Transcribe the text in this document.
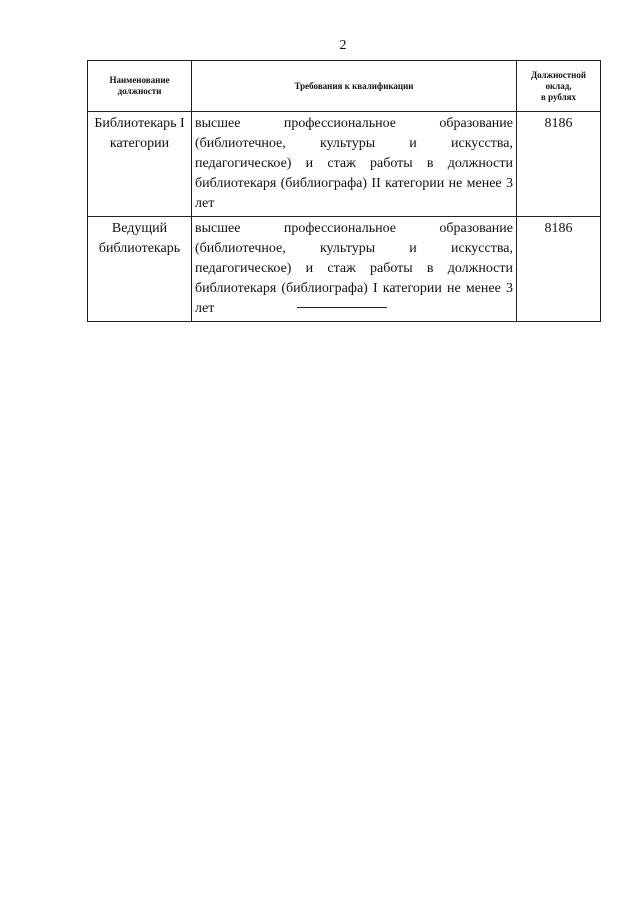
2
Наименование должности	Требования к квалификации	Должностной
оклад,
в рублях

Библиотекарь I категории	высшее профессиональное образование (библиотечное, культуры и искусства, педагогическое) и стаж работы в должности библиотекаря (библиографа) II категории не менее 3 лет	8186
Ведущий библиотекарь	высшее профессиональное образование (библиотечное, культуры и искусства, педагогическое) и стаж работы в должности библиотекаря (библиографа) I категории не менее 3 лет	8186
